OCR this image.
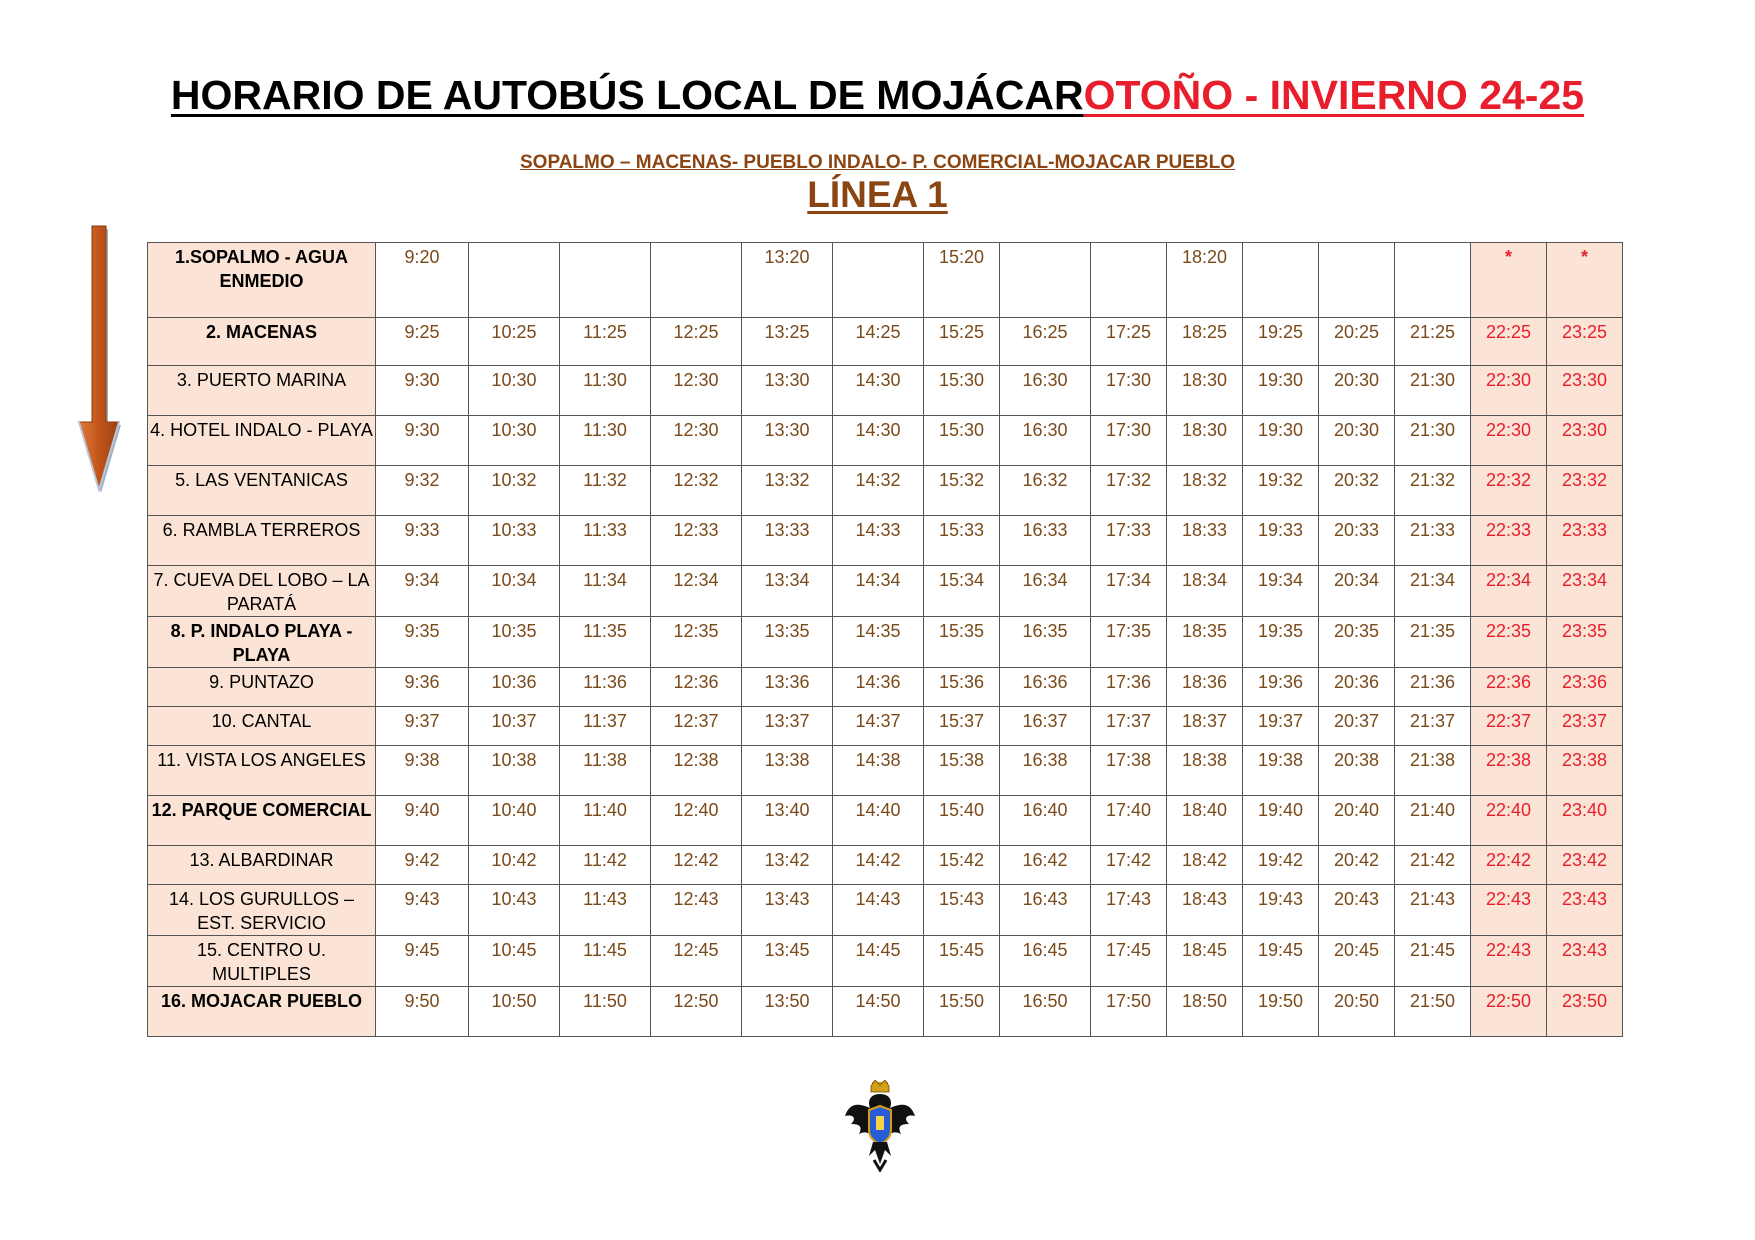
HORARIO DE AUTOBÚS LOCAL DE MOJÁCAROTOÑO - INVIERNO 24-25
SOPALMO – MACENAS- PUEBLO INDALO- P. COMERCIAL-MOJACAR PUEBLO
LÍNEA 1
1.SOPALMO - AGUA ENMEDIO	9:20				13:20		15:20			18:20				*	*
2. MACENAS	9:25	10:25	11:25	12:25	13:25	14:25	15:25	16:25	17:25	18:25	19:25	20:25	21:25	22:25	23:25
3. PUERTO MARINA	9:30	10:30	11:30	12:30	13:30	14:30	15:30	16:30	17:30	18:30	19:30	20:30	21:30	22:30	23:30
4. HOTEL INDALO - PLAYA	9:30	10:30	11:30	12:30	13:30	14:30	15:30	16:30	17:30	18:30	19:30	20:30	21:30	22:30	23:30
5. LAS VENTANICAS	9:32	10:32	11:32	12:32	13:32	14:32	15:32	16:32	17:32	18:32	19:32	20:32	21:32	22:32	23:32
6. RAMBLA TERREROS	9:33	10:33	11:33	12:33	13:33	14:33	15:33	16:33	17:33	18:33	19:33	20:33	21:33	22:33	23:33
7. CUEVA DEL LOBO – LA PARATÁ	9:34	10:34	11:34	12:34	13:34	14:34	15:34	16:34	17:34	18:34	19:34	20:34	21:34	22:34	23:34
8. P. INDALO PLAYA - PLAYA	9:35	10:35	11:35	12:35	13:35	14:35	15:35	16:35	17:35	18:35	19:35	20:35	21:35	22:35	23:35
9. PUNTAZO	9:36	10:36	11:36	12:36	13:36	14:36	15:36	16:36	17:36	18:36	19:36	20:36	21:36	22:36	23:36
10. CANTAL	9:37	10:37	11:37	12:37	13:37	14:37	15:37	16:37	17:37	18:37	19:37	20:37	21:37	22:37	23:37
11. VISTA LOS ANGELES	9:38	10:38	11:38	12:38	13:38	14:38	15:38	16:38	17:38	18:38	19:38	20:38	21:38	22:38	23:38
12. PARQUE COMERCIAL	9:40	10:40	11:40	12:40	13:40	14:40	15:40	16:40	17:40	18:40	19:40	20:40	21:40	22:40	23:40
13. ALBARDINAR	9:42	10:42	11:42	12:42	13:42	14:42	15:42	16:42	17:42	18:42	19:42	20:42	21:42	22:42	23:42
14. LOS GURULLOS – EST. SERVICIO	9:43	10:43	11:43	12:43	13:43	14:43	15:43	16:43	17:43	18:43	19:43	20:43	21:43	22:43	23:43
15. CENTRO U. MULTIPLES	9:45	10:45	11:45	12:45	13:45	14:45	15:45	16:45	17:45	18:45	19:45	20:45	21:45	22:43	23:43
16. MOJACAR PUEBLO	9:50	10:50	11:50	12:50	13:50	14:50	15:50	16:50	17:50	18:50	19:50	20:50	21:50	22:50	23:50
